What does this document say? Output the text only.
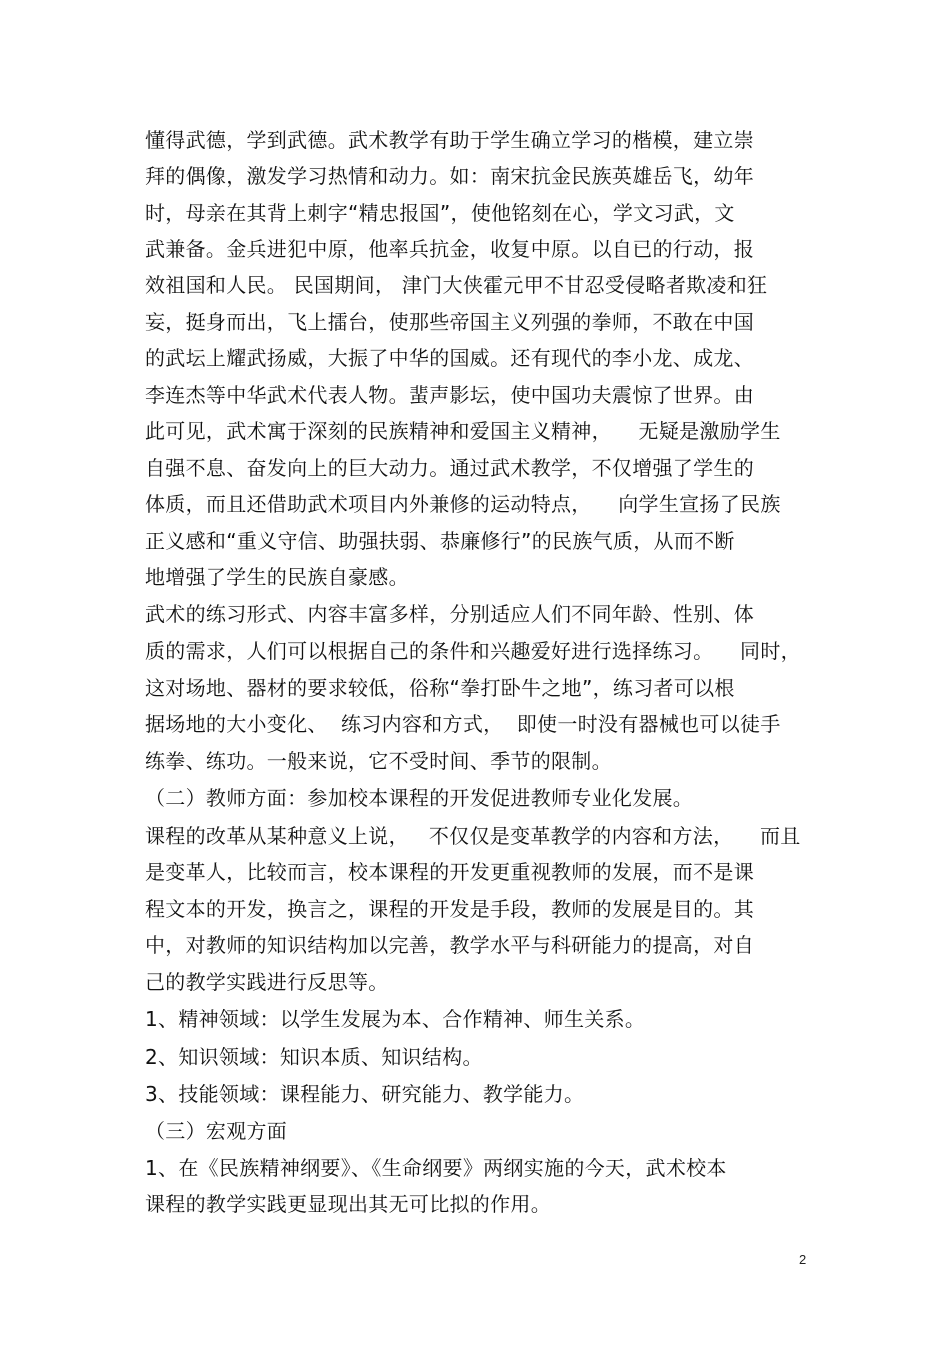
懂得武德，学到武德。武术教学有助于学生确立学习的楷模，建立崇
拜的偶像，激发学习热情和动力。如：南宋抗金民族英雄岳飞，幼年
时，母亲在其背上刺字“精忠报国”，使他铭刻在心，学文习武，文
武兼备。金兵进犯中原，他率兵抗金，收复中原。以自已的行动，报
效祖国和人民。 民国期间， 津门大侠霍元甲不甘忍受侵略者欺凌和狂
妄，挺身而出，飞上擂台，使那些帝国主义列强的拳师，不敢在中国
的武坛上耀武扬威，大振了中华的国威。还有现代的李小龙、成龙、
李连杰等中华武术代表人物。蜚声影坛，使中国功夫震惊了世界。由
此可见，武术寓于深刻的民族精神和爱国主义精神，    无疑是激励学生
自强不息、奋发向上的巨大动力。通过武术教学，不仅增强了学生的
体质，而且还借助武术项目内外兼修的运动特点，    向学生宣扬了民族
正义感和“重义守信、助强扶弱、恭廉修行”的民族气质，从而不断
地增强了学生的民族自豪感。
武术的练习形式、内容丰富多样，分别适应人们不同年龄、性别、体
质的需求，人们可以根据自己的条件和兴趣爱好进行选择练习。    同时，
这对场地、器材的要求较低，俗称“拳打卧牛之地”，练习者可以根
据场地的大小变化、  练习内容和方式，  即使一时没有器械也可以徒手
练拳、练功。一般来说，它不受时间、季节的限制。
（二）教师方面：参加校本课程的开发促进教师专业化发展。
课程的改革从某种意义上说，   不仅仅是变革教学的内容和方法，    而且
是变革人，比较而言，校本课程的开发更重视教师的发展，而不是课
程文本的开发，换言之，课程的开发是手段，教师的发展是目的。其
中，对教师的知识结构加以完善，教学水平与科研能力的提高，对自
己的教学实践进行反思等。
1、精神领域：以学生发展为本、合作精神、师生关系。
2、知识领域：知识本质、知识结构。
3、技能领域：课程能力、研究能力、教学能力。
（三）宏观方面
1、在《民族精神纲要》、《生命纲要》两纲实施的今天，武术校本
课程的教学实践更显现出其无可比拟的作用。
2
